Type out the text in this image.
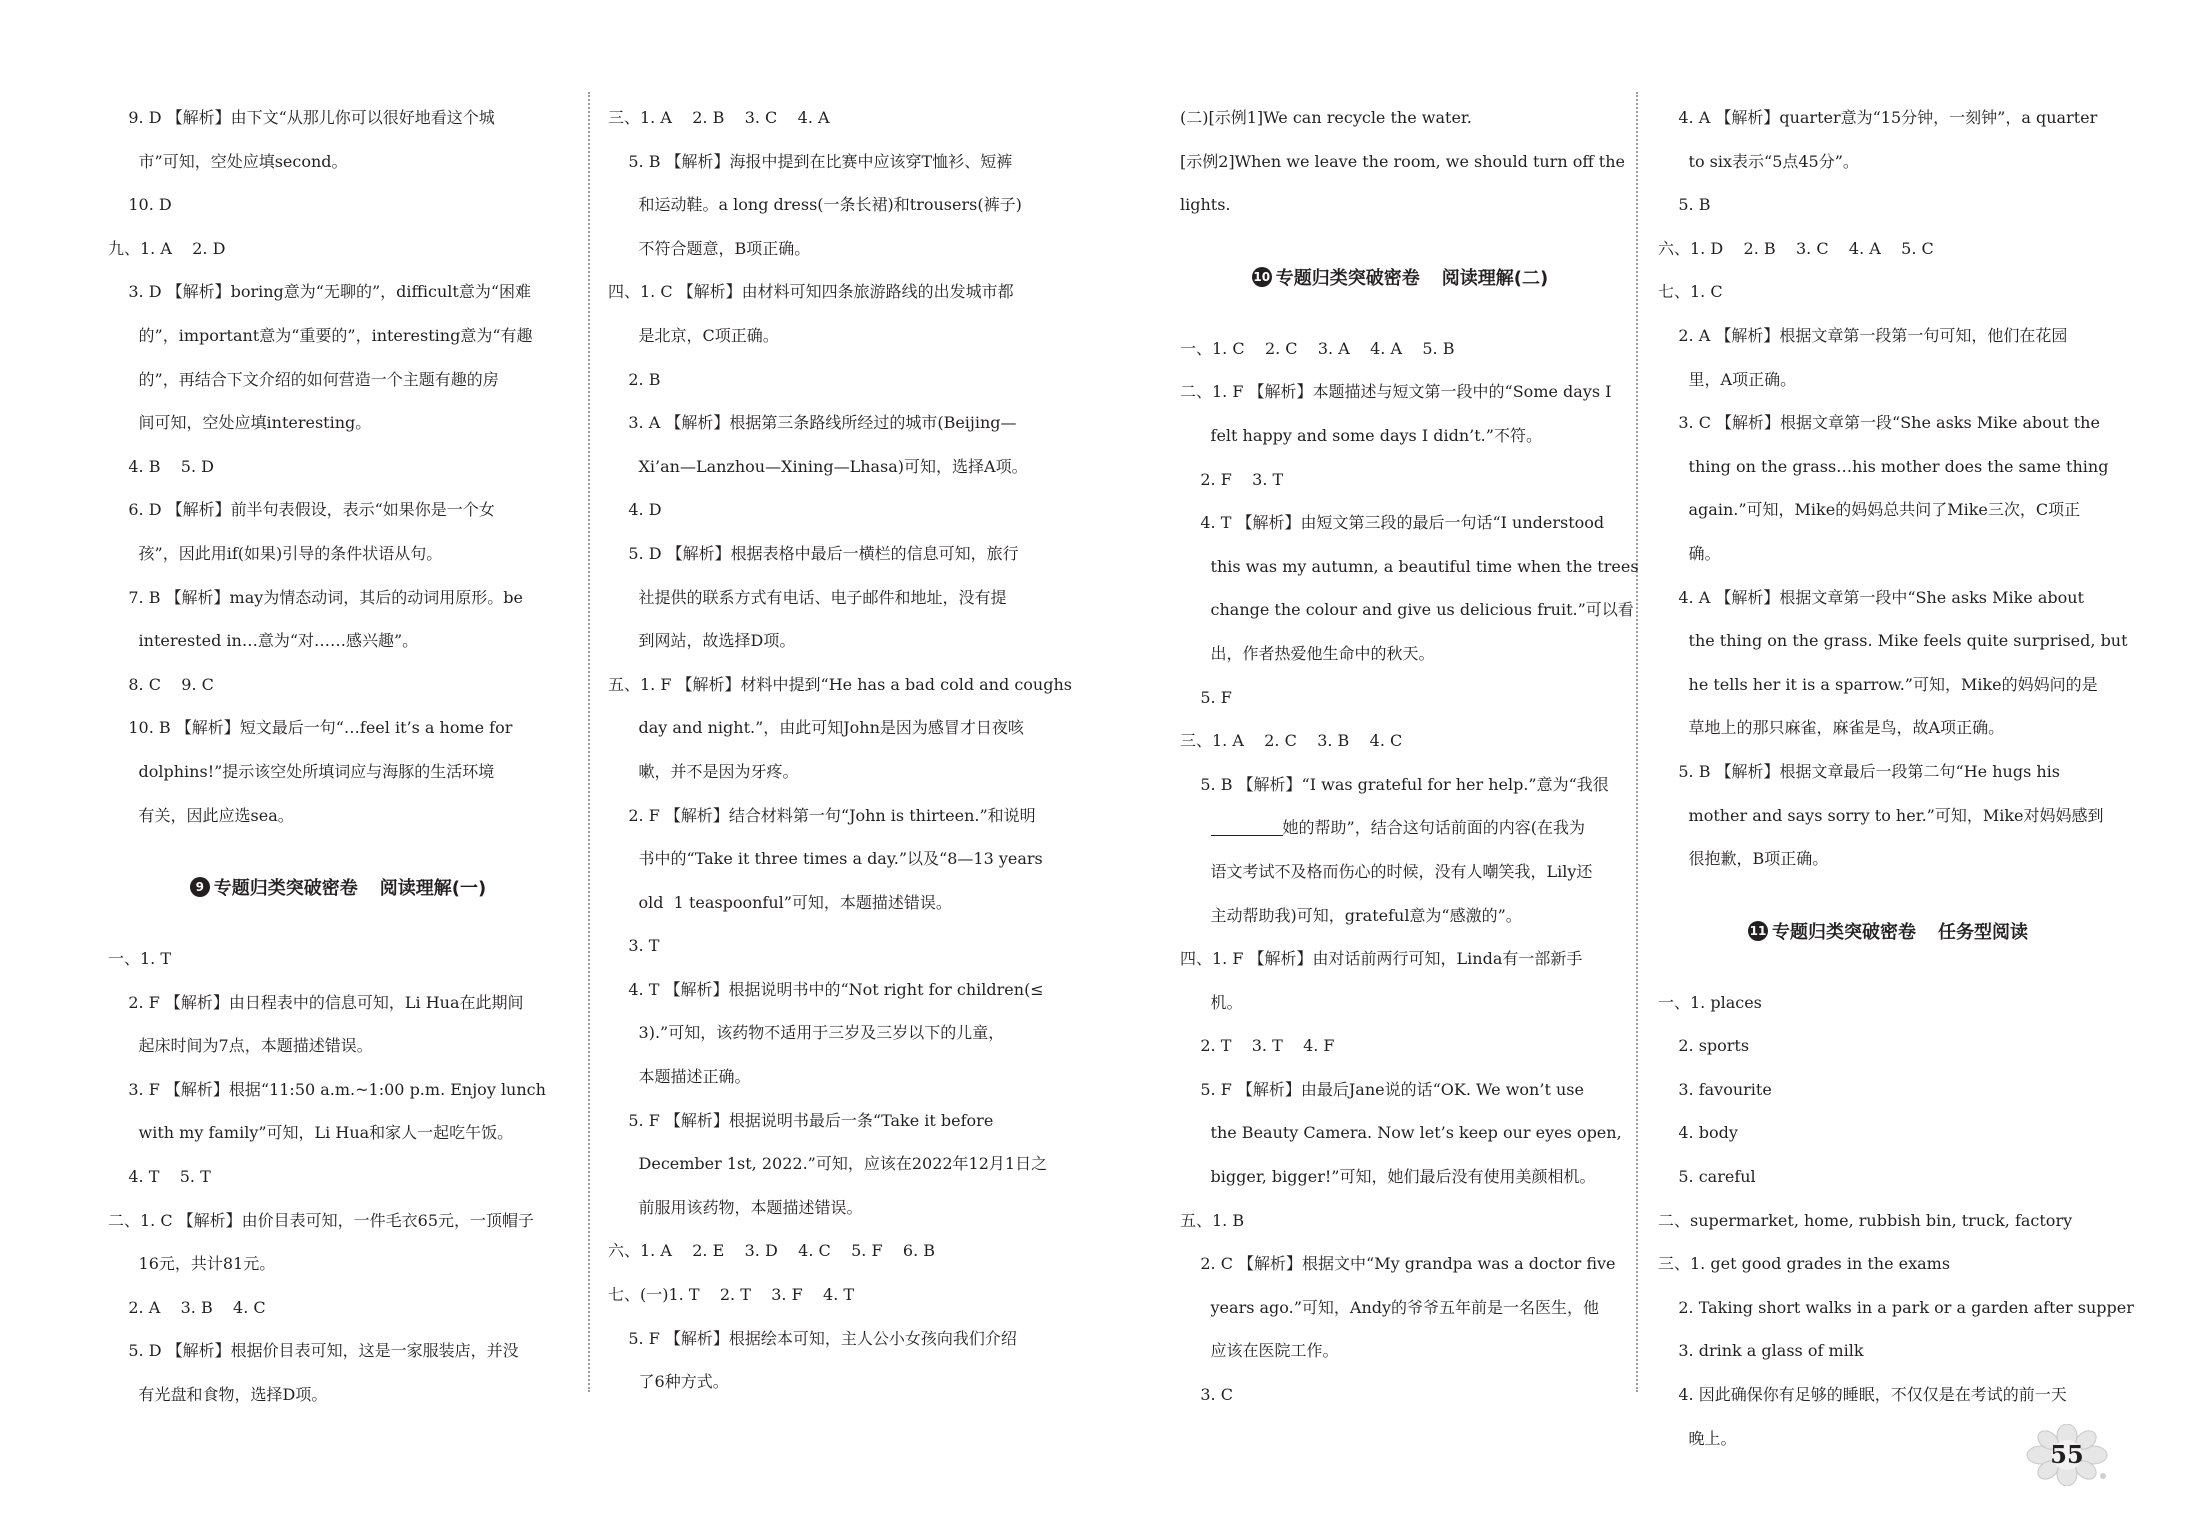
9. D 【解析】由下文“从那儿你可以很好地看这个城
市”可知，空处应填second。
10. D
九、1. A    2. D
3. D 【解析】boring意为“无聊的”，difficult意为“困难
的”，important意为“重要的”，interesting意为“有趣
的”，再结合下文介绍的如何营造一个主题有趣的房
间可知，空处应填interesting。
4. B    5. D
6. D 【解析】前半句表假设，表示“如果你是一个女
孩”，因此用if(如果)引导的条件状语从句。
7. B 【解析】may为情态动词，其后的动词用原形。be
interested in…意为“对……感兴趣”。
8. C    9. C
10. B 【解析】短文最后一句“…feel it’s a home for
dolphins!”提示该空处所填词应与海豚的生活环境
有关，因此应选sea。
9 专题归类突破密卷 阅读理解(一)
一、1. T
2. F 【解析】由日程表中的信息可知，Li Hua在此期间
起床时间为7点，本题描述错误。
3. F 【解析】根据“11:50 a.m.~1:00 p.m. Enjoy lunch
with my family”可知，Li Hua和家人一起吃午饭。
4. T    5. T
二、1. C 【解析】由价目表可知，一件毛衣65元，一顶帽子
16元，共计81元。
2. A    3. B    4. C
5. D 【解析】根据价目表可知，这是一家服装店，并没
有光盘和食物，选择D项。
三、1. A    2. B    3. C    4. A
5. B 【解析】海报中提到在比赛中应该穿T恤衫、短裤
和运动鞋。a long dress(一条长裙)和trousers(裤子)
不符合题意，B项正确。
四、1. C 【解析】由材料可知四条旅游路线的出发城市都
是北京，C项正确。
2. B
3. A 【解析】根据第三条路线所经过的城市(Beijing—
Xi’an—Lanzhou—Xining—Lhasa)可知，选择A项。
4. D
5. D 【解析】根据表格中最后一横栏的信息可知，旅行
社提供的联系方式有电话、电子邮件和地址，没有提
到网站，故选择D项。
五、1. F 【解析】材料中提到“He has a bad cold and coughs
day and night.”，由此可知John是因为感冒才日夜咳
嗽，并不是因为牙疼。
2. F 【解析】结合材料第一句“John is thirteen.”和说明
书中的“Take it three times a day.”以及“8—13 years
old  1 teaspoonful”可知，本题描述错误。
3. T
4. T 【解析】根据说明书中的“Not right for children(≤
3).”可知，该药物不适用于三岁及三岁以下的儿童，
本题描述正确。
5. F 【解析】根据说明书最后一条“Take it before
December 1st, 2022.”可知，应该在2022年12月1日之
前服用该药物，本题描述错误。
六、1. A    2. E    3. D    4. C    5. F    6. B
七、(一)1. T    2. T    3. F    4. T
5. F 【解析】根据绘本可知，主人公小女孩向我们介绍
了6种方式。
(二)[示例1]We can recycle the water.
[示例2]When we leave the room, we should turn off the
lights.
10 专题归类突破密卷 阅读理解(二)
一、1. C    2. C    3. A    4. A    5. B
二、1. F 【解析】本题描述与短文第一段中的“Some days I
felt happy and some days I didn’t.”不符。
2. F    3. T
4. T 【解析】由短文第三段的最后一句话“I understood
this was my autumn, a beautiful time when the trees
change the colour and give us delicious fruit.”可以看
出，作者热爱他生命中的秋天。
5. F
三、1. A    2. C    3. B    4. C
5. B 【解析】“I was grateful for her help.”意为“我很
她的帮助”，结合这句话前面的内容(在我为
语文考试不及格而伤心的时候，没有人嘲笑我，Lily还
主动帮助我)可知，grateful意为“感激的”。
四、1. F 【解析】由对话前两行可知，Linda有一部新手
机。
2. T    3. T    4. F
5. F 【解析】由最后Jane说的话“OK. We won’t use
the Beauty Camera. Now let’s keep our eyes open,
bigger, bigger!”可知，她们最后没有使用美颜相机。
五、1. B
2. C 【解析】根据文中“My grandpa was a doctor five
years ago.”可知，Andy的爷爷五年前是一名医生，他
应该在医院工作。
3. C
4. A 【解析】quarter意为“15分钟，一刻钟”，a quarter
to six表示“5点45分”。
5. B
六、1. D    2. B    3. C    4. A    5. C
七、1. C
2. A 【解析】根据文章第一段第一句可知，他们在花园
里，A项正确。
3. C 【解析】根据文章第一段“She asks Mike about the
thing on the grass…his mother does the same thing
again.”可知，Mike的妈妈总共问了Mike三次，C项正
确。
4. A 【解析】根据文章第一段中“She asks Mike about
the thing on the grass. Mike feels quite surprised, but
he tells her it is a sparrow.”可知，Mike的妈妈问的是
草地上的那只麻雀，麻雀是鸟，故A项正确。
5. B 【解析】根据文章最后一段第二句“He hugs his
mother and says sorry to her.”可知，Mike对妈妈感到
很抱歉，B项正确。
11 专题归类突破密卷 任务型阅读
一、1. places
2. sports
3. favourite
4. body
5. careful
二、supermarket, home, rubbish bin, truck, factory
三、1. get good grades in the exams
2. Taking short walks in a park or a garden after supper
3. drink a glass of milk
4. 因此确保你有足够的睡眠，不仅仅是在考试的前一天
晚上。
55
